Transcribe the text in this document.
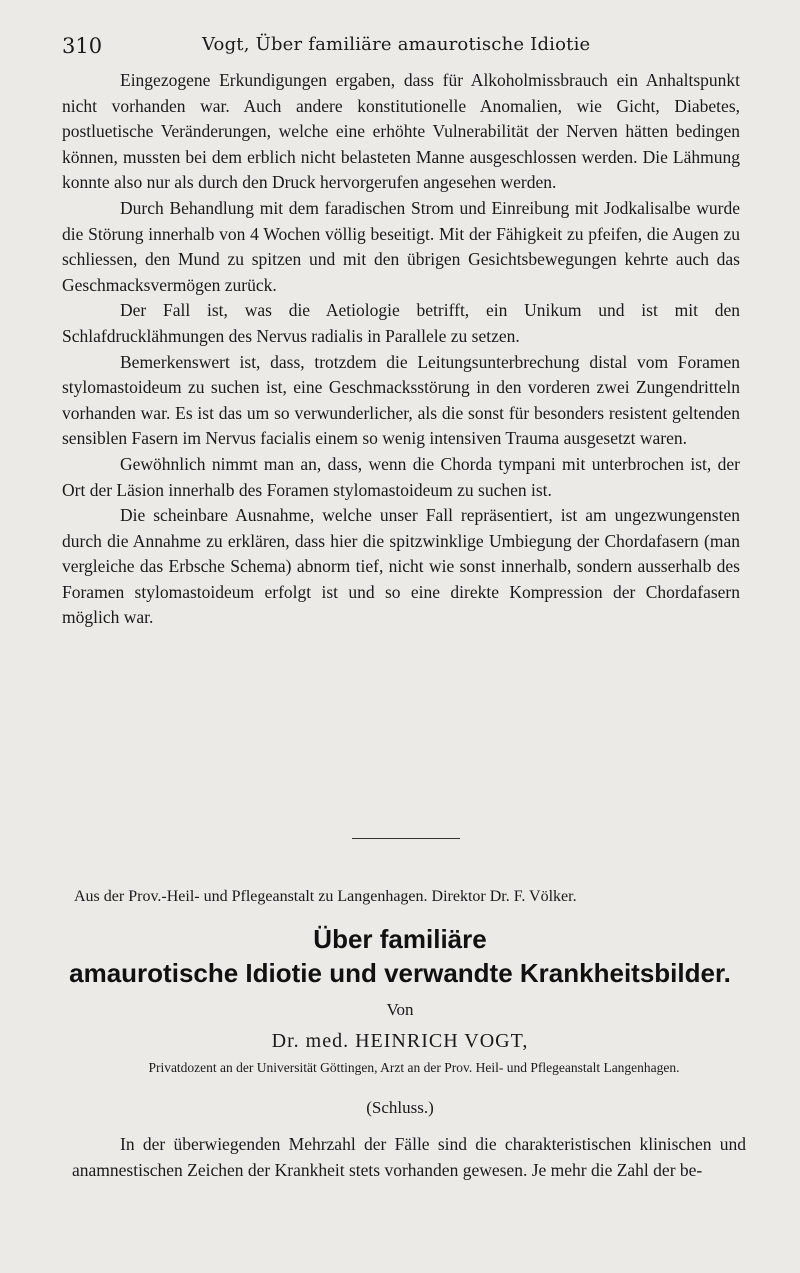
310	Vogt, Über familiäre amaurotische Idiotie

Eingezogene Erkundigungen ergaben, dass für Alkoholmissbrauch ein Anhaltspunkt nicht vorhanden war. Auch andere konstitutionelle Anomalien, wie Gicht, Diabetes, postluetische Veränderungen, welche eine erhöhte Vulnerabilität der Nerven hätten bedingen können, mussten bei dem erblich nicht belasteten Manne ausgeschlossen werden. Die Lähmung konnte also nur als durch den Druck hervorgerufen angesehen werden.

Durch Behandlung mit dem faradischen Strom und Einreibung mit Jodkalisalbe wurde die Störung innerhalb von 4 Wochen völlig beseitigt. Mit der Fähigkeit zu pfeifen, die Augen zu schliessen, den Mund zu spitzen und mit den übrigen Gesichtsbewegungen kehrte auch das Geschmacksvermögen zurück.

Der Fall ist, was die Aetiologie betrifft, ein Unikum und ist mit den Schlafdrucklähmungen des Nervus radialis in Parallele zu setzen.

Bemerkenswert ist, dass, trotzdem die Leitungsunterbrechung distal vom Foramen stylomastoideum zu suchen ist, eine Geschmacksstörung in den vorderen zwei Zungendritteln vorhanden war. Es ist das um so verwunderlicher, als die sonst für besonders resistent geltenden sensiblen Fasern im Nervus facialis einem so wenig intensiven Trauma ausgesetzt waren.

Gewöhnlich nimmt man an, dass, wenn die Chorda tympani mit unterbrochen ist, der Ort der Läsion innerhalb des Foramen stylomastoideum zu suchen ist.

Die scheinbare Ausnahme, welche unser Fall repräsentiert, ist am ungezwungensten durch die Annahme zu erklären, dass hier die spitzwinklige Umbiegung der Chordafasern (man vergleiche das Erbsche Schema) abnorm tief, nicht wie sonst innerhalb, sondern ausserhalb des Foramen stylomastoideum erfolgt ist und so eine direkte Kompression der Chordafasern möglich war.

Aus der Prov.-Heil- und Pflegeanstalt zu Langenhagen. Direktor Dr. F. Völker.
Über familiäre
amaurotische Idiotie und verwandte Krankheitsbilder.
Von
Dr. med. HEINRICH VOGT,
Privatdozent an der Universität Göttingen, Arzt an der Prov. Heil- und Pflegeanstalt Langenhagen.
(Schluss.)

In der überwiegenden Mehrzahl der Fälle sind die charakteristischen klinischen und anamnestischen Zeichen der Krankheit stets vorhanden gewesen. Je mehr die Zahl der be-
